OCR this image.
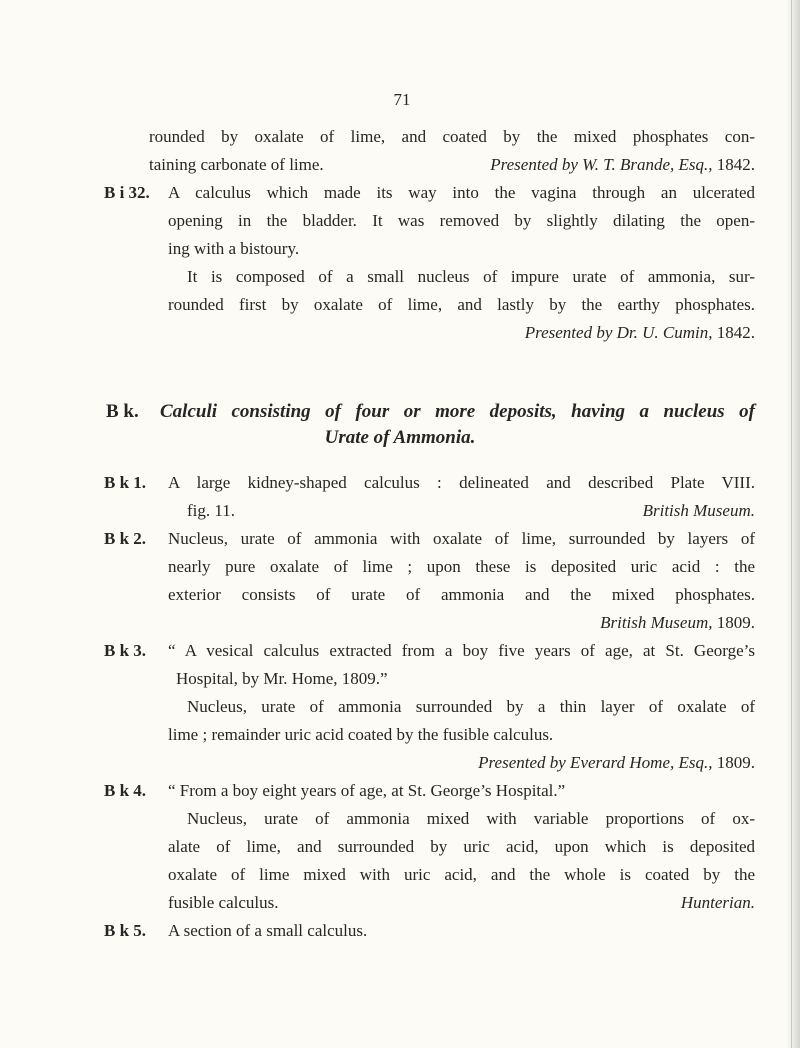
71
rounded by oxalate of lime, and coated by the mixed phosphates con-
taining carbonate of lime.	Presented by W. T. Brande, Esq., 1842.
B i 32. A calculus which made its way into the vagina through an ulcerated
opening in the bladder. It was removed by slightly dilating the open-
ing with a bistoury.
It is composed of a small nucleus of impure urate of ammonia, sur-
rounded first by oxalate of lime, and lastly by the earthy phosphates.
Presented by Dr. U. Cumin, 1842.
B k. Calculi consisting of four or more deposits, having a nucleus of
Urate of Ammonia.
B k 1. A large kidney-shaped calculus : delineated and described Plate VIII.
fig. 11.	British Museum.
B k 2. Nucleus, urate of ammonia with oxalate of lime, surrounded by layers of
nearly pure oxalate of lime ; upon these is deposited uric acid : the
exterior consists of urate of ammonia and the mixed phosphates.
British Museum, 1809.
B k 3. “ A vesical calculus extracted from a boy five years of age, at St. George’s
Hospital, by Mr. Home, 1809.”
Nucleus, urate of ammonia surrounded by a thin layer of oxalate of
lime ; remainder uric acid coated by the fusible calculus.
Presented by Everard Home, Esq., 1809.
B k 4. “ From a boy eight years of age, at St. George’s Hospital.”
Nucleus, urate of ammonia mixed with variable proportions of ox-
alate of lime, and surrounded by uric acid, upon which is deposited
oxalate of lime mixed with uric acid, and the whole is coated by the
fusible calculus.	Hunterian.
B k 5. A section of a small calculus.
